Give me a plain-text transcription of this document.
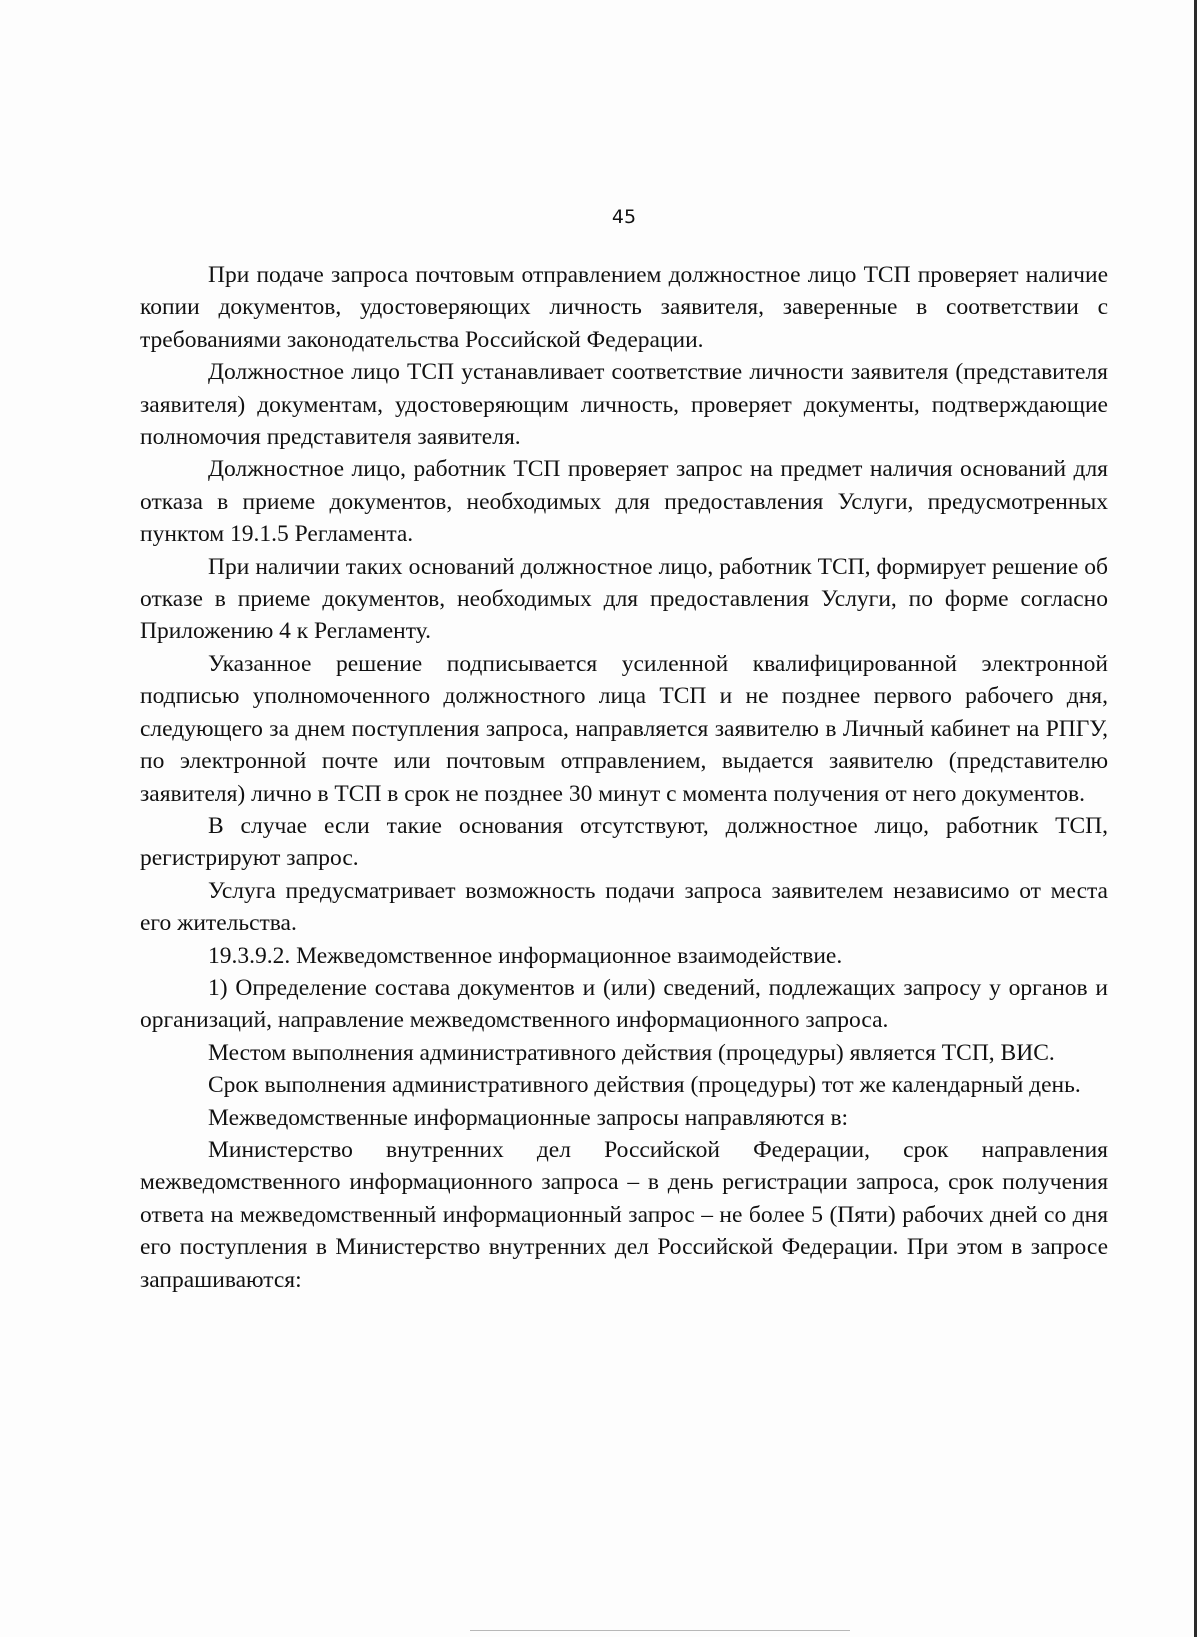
45

При подаче запроса почтовым отправлением должностное лицо ТСП проверяет наличие копии документов, удостоверяющих личность заявителя, заверенные в соответствии с требованиями законодательства Российской Федерации.

Должностное лицо ТСП устанавливает соответствие личности заявителя (представителя заявителя) документам, удостоверяющим личность, проверяет документы, подтверждающие полномочия представителя заявителя.

Должностное лицо, работник ТСП проверяет запрос на предмет наличия оснований для отказа в приеме документов, необходимых для предоставления Услуги, предусмотренных пунктом 19.1.5 Регламента.

При наличии таких оснований должностное лицо, работник ТСП, формирует решение об отказе в приеме документов, необходимых для предоставления Услуги, по форме согласно Приложению 4 к Регламенту.

Указанное решение подписывается усиленной квалифицированной электронной подписью уполномоченного должностного лица ТСП и не позднее первого рабочего дня, следующего за днем поступления запроса, направляется заявителю в Личный кабинет на РПГУ, по электронной почте или почтовым отправлением, выдается заявителю (представителю заявителя) лично в ТСП в срок не позднее 30 минут с момента получения от него документов.

В случае если такие основания отсутствуют, должностное лицо, работник ТСП, регистрируют запрос.

Услуга предусматривает возможность подачи запроса заявителем независимо от места его жительства.

19.3.9.2. Межведомственное информационное взаимодействие.

1) Определение состава документов и (или) сведений, подлежащих запросу у органов и организаций, направление межведомственного информационного запроса.

Местом выполнения административного действия (процедуры) является ТСП, ВИС.

Срок выполнения административного действия (процедуры) тот же календарный день.

Межведомственные информационные запросы направляются в:

Министерство внутренних дел Российской Федерации, срок направления межведомственного информационного запроса – в день регистрации запроса, срок получения ответа на межведомственный информационный запрос – не более 5 (Пяти) рабочих дней со дня его поступления в Министерство внутренних дел Российской Федерации. При этом в запросе запрашиваются:
